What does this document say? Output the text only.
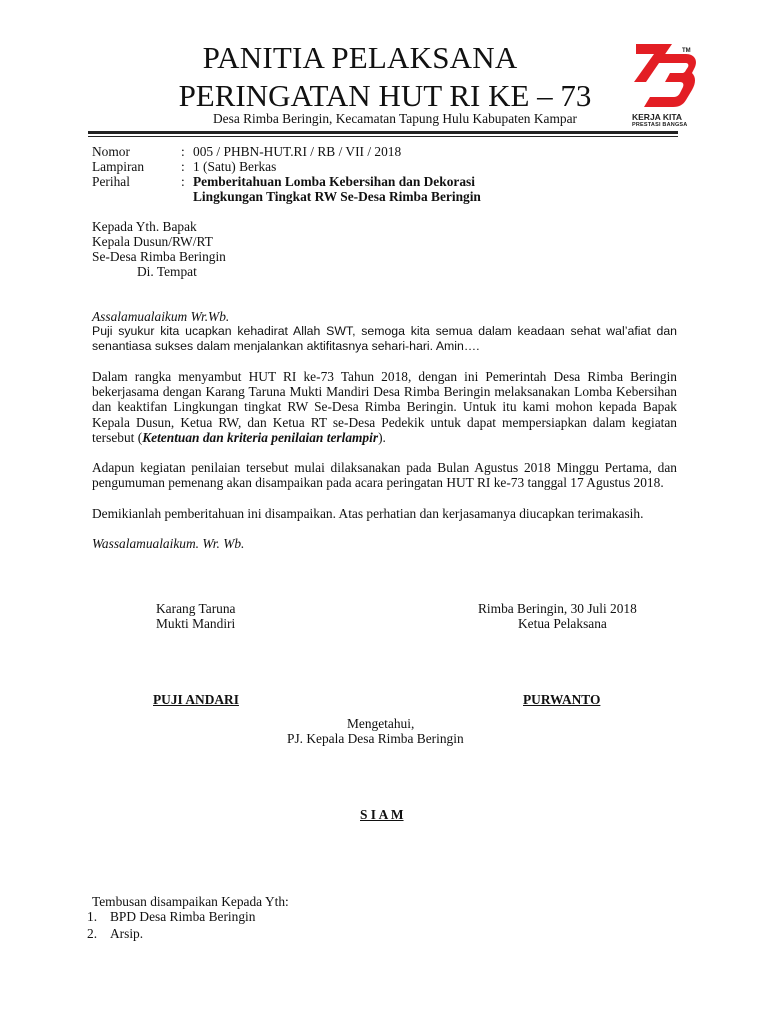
PANITIA PELAKSANA
PERINGATAN HUT RI KE – 73
Desa Rimba Beringin, Kecamatan Tapung Hulu Kabupaten Kampar
TM
KERJA KITA
PRESTASI BANGSA
Nomor	: 005 / PHBN-HUT.RI / RB / VII / 2018
Lampiran	: 1 (Satu) Berkas
Perihal	: Pemberitahuan Lomba Kebersihan dan Dekorasi
Lingkungan Tingkat RW Se-Desa Rimba Beringin
Kepada Yth. Bapak
Kepala Dusun/RW/RT
Se-Desa Rimba Beringin
Di. Tempat
Assalamualaikum Wr.Wb.
Puji syukur kita ucapkan kehadirat Allah SWT, semoga kita semua dalam keadaan sehat wal’afiat dan senantiasa sukses dalam menjalankan aktifitasnya sehari-hari. Amin….
Dalam rangka menyambut HUT RI ke-73 Tahun 2018, dengan ini Pemerintah Desa Rimba Beringin bekerjasama dengan Karang Taruna Mukti Mandiri Desa Rimba Beringin melaksanakan Lomba Kebersihan dan keaktifan Lingkungan tingkat RW Se-Desa Rimba Beringin. Untuk itu kami mohon kepada Bapak Kepala Dusun, Ketua RW, dan Ketua RT se-Desa Pedekik untuk dapat mempersiapkan dalam kegiatan tersebut (Ketentuan dan kriteria penilaian terlampir).
Adapun kegiatan penilaian tersebut mulai dilaksanakan pada Bulan Agustus 2018 Minggu Pertama, dan pengumuman pemenang akan disampaikan pada acara peringatan HUT RI ke-73 tanggal 17 Agustus 2018.
Demikianlah pemberitahuan ini disampaikan. Atas perhatian dan kerjasamanya diucapkan terimakasih.
Wassalamualaikum. Wr. Wb.
Karang Taruna
Mukti Mandiri
Rimba Beringin, 30 Juli 2018
Ketua Pelaksana
PUJI ANDARI	PURWANTO
Mengetahui,
PJ. Kepala Desa Rimba Beringin
S I A M
Tembusan disampaikan Kepada Yth:
1. BPD Desa Rimba Beringin
2. Arsip.
